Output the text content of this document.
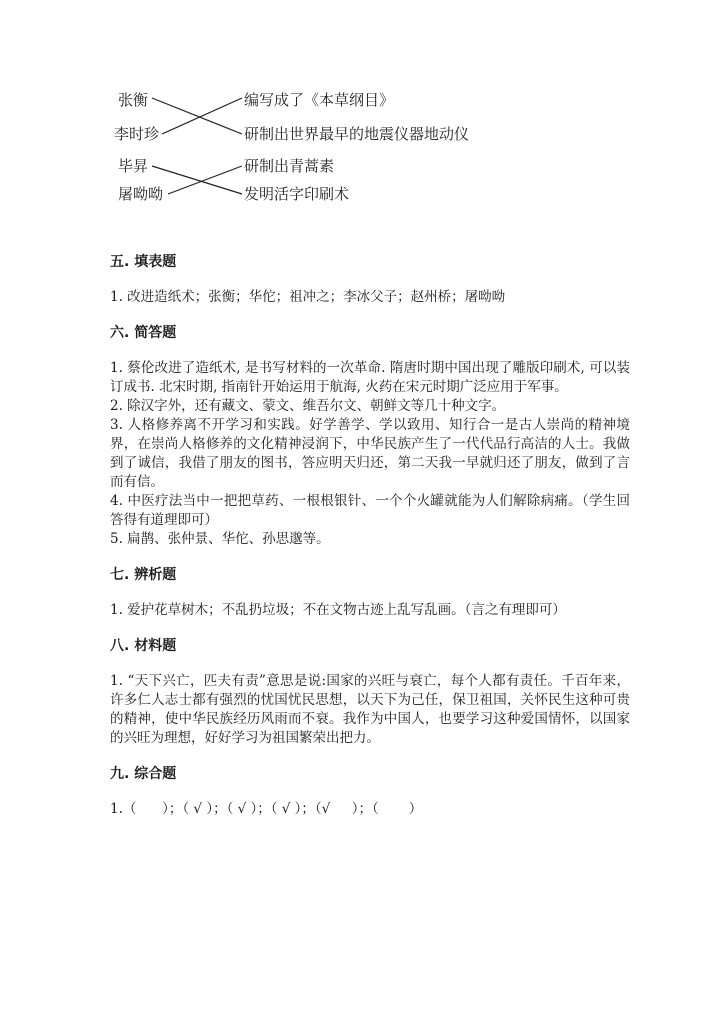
张衡
李时珍
毕昇
屠呦呦
编写成了《本草纲目》
研制出世界最早的地震仪器地动仪
研制出青蒿素
发明活字印刷术

五. 填表题

1. 改进造纸术；张衡；华佗；祖冲之；李冰父子；赵州桥；屠呦呦

六. 简答题

1. 蔡伦改进了造纸术, 是书写材料的一次革命. 隋唐时期中国出现了雕版印刷术, 可以装订成书. 北宋时期, 指南针开始运用于航海, 火药在宋元时期广泛应用于军事。

2. 除汉字外，还有藏文、蒙文、维吾尔文、朝鲜文等几十种文字。

3. 人格修养离不开学习和实践。好学善学、学以致用、知行合一是古人崇尚的精神境界，在崇尚人格修养的文化精神浸润下，中华民族产生了一代代品行高洁的人士。我做到了诚信，我借了朋友的图书，答应明天归还，第二天我一早就归还了朋友，做到了言而有信。

4. 中医疗法当中一把把草药、一根根银针、一个个火罐就能为人们解除病痛。（学生回答得有道理即可）

5. 扁鹊、张仲景、华佗、孙思邈等。

七. 辨析题

1. 爱护花草树木；不乱扔垃圾；不在文物古迹上乱写乱画。（言之有理即可）

八. 材料题

1. “天下兴亡，匹夫有责”意思是说:国家的兴旺与衰亡，每个人都有责任。千百年来，许多仁人志士都有强烈的忧国忧民思想，以天下为己任，保卫祖国，关怀民生这种可贵的精神，使中华民族经历风雨而不衰。我作为中国人，也要学习这种爱国情怀，以国家的兴旺为理想，好好学习为祖国繁荣出把力。

九. 综合题

1.（      ）；（ √ ）；（ √ ）；（ √ ）；（√     ）；（       ）
